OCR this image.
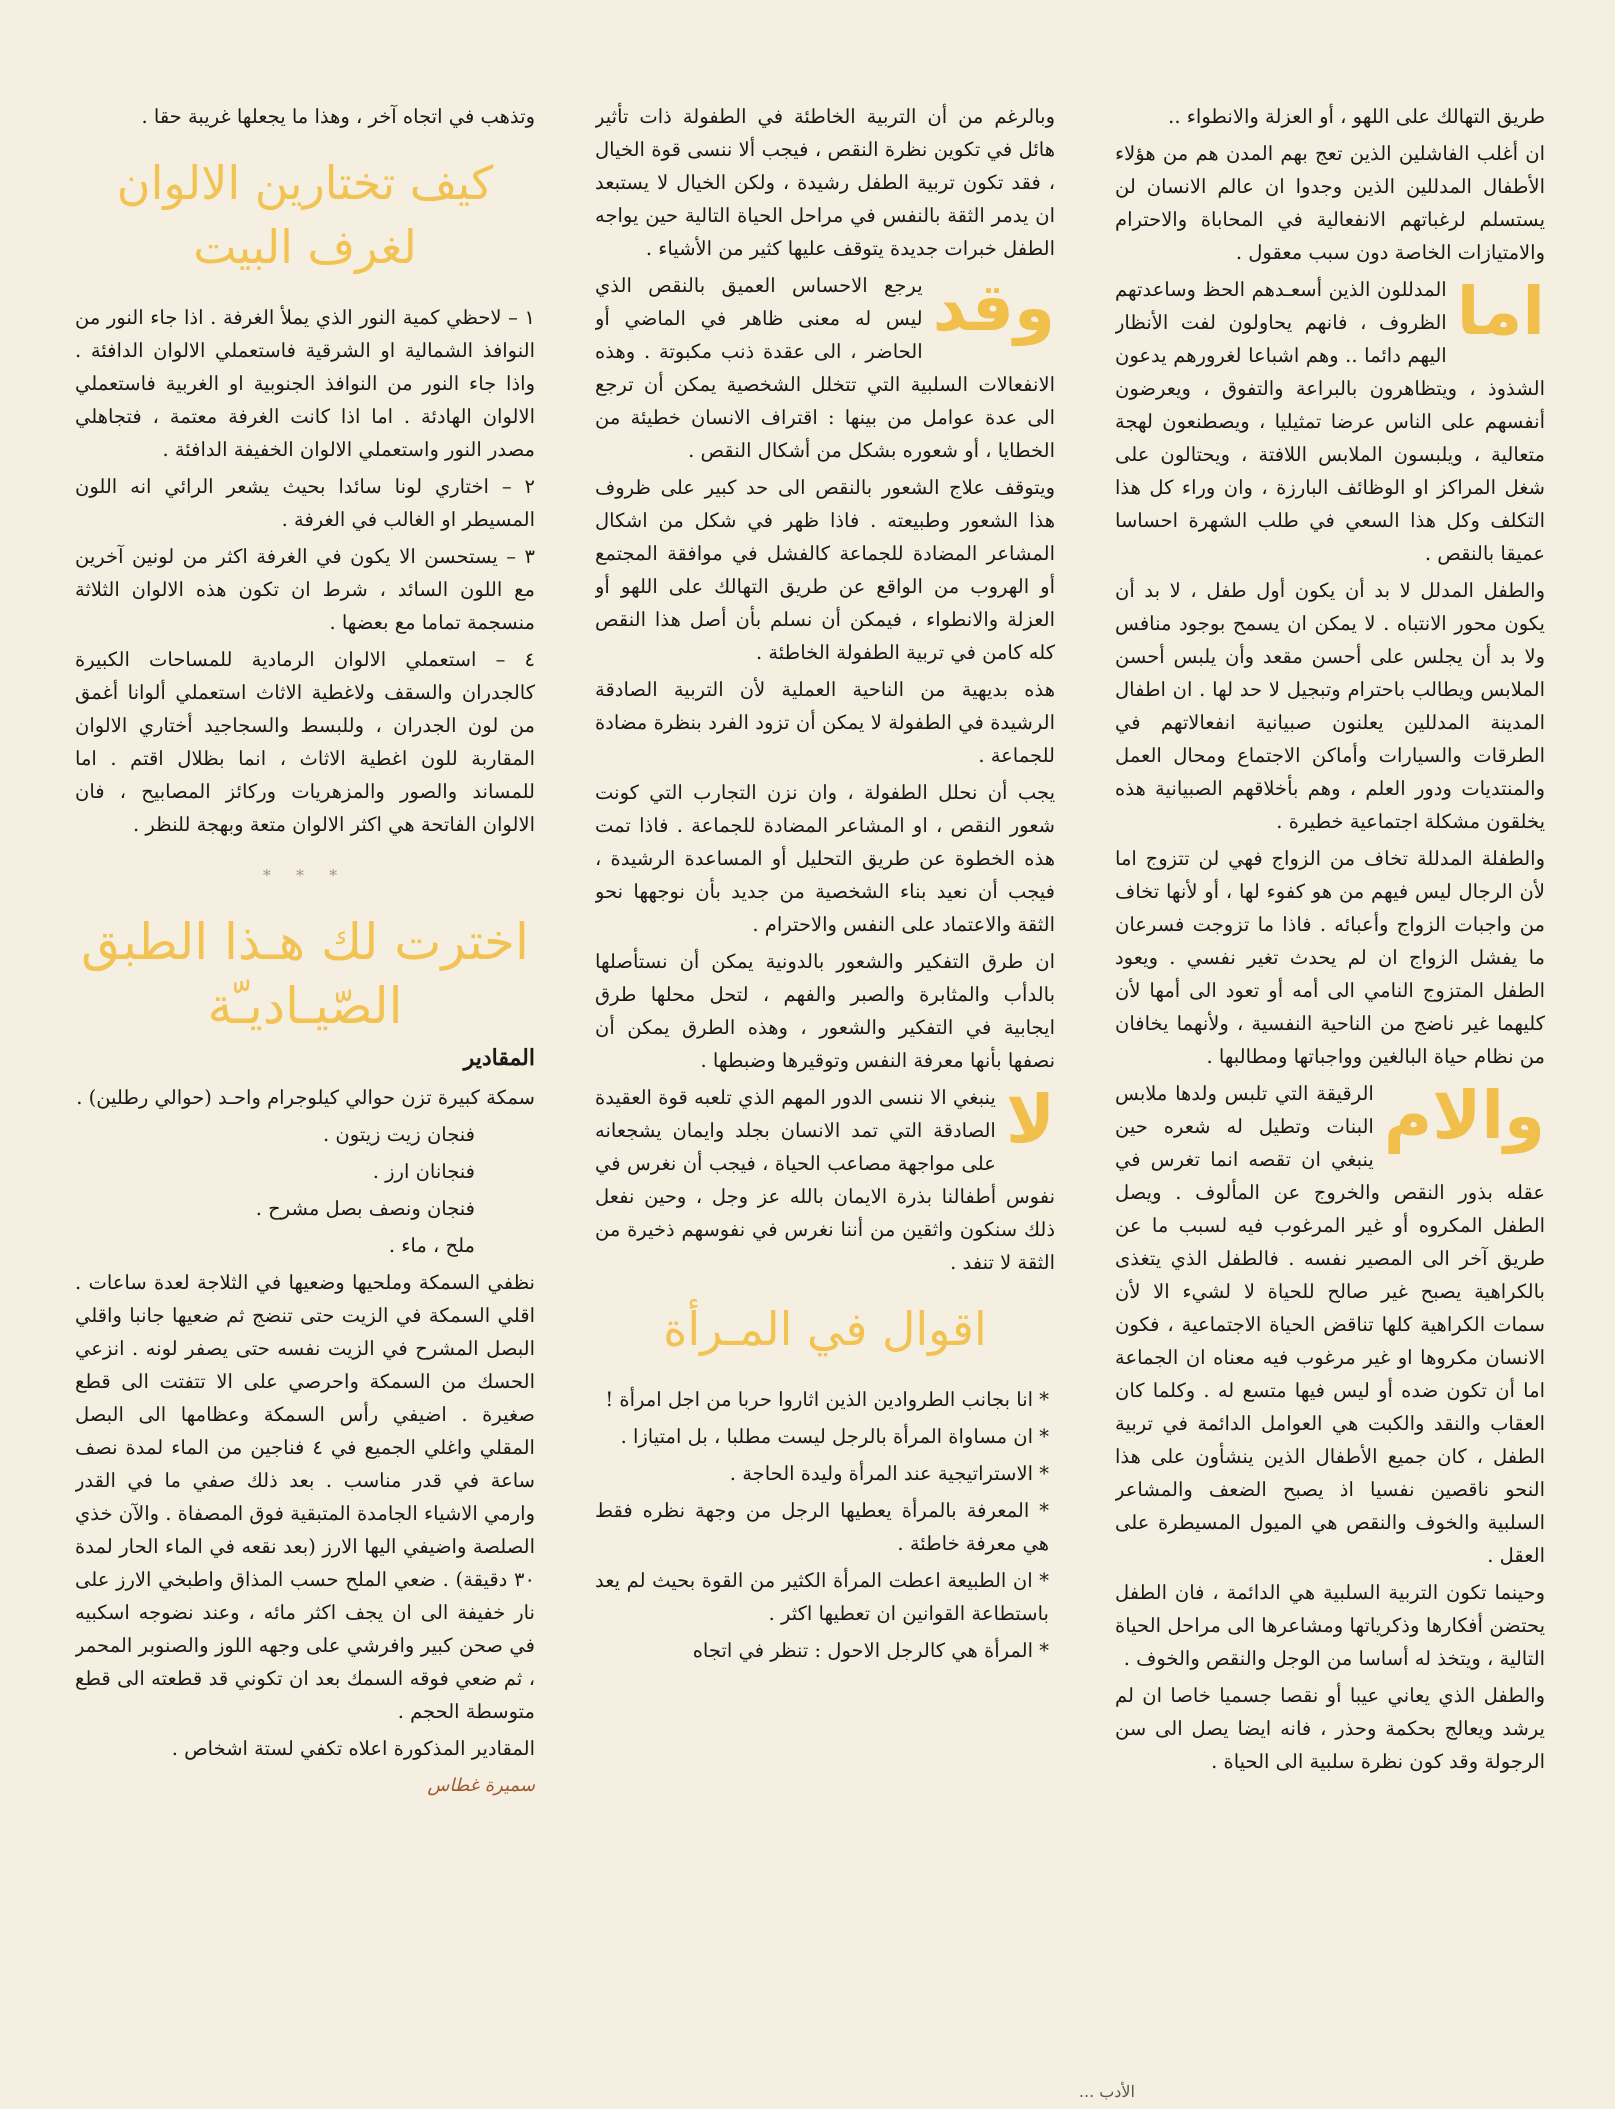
طريق التهالك على اللهو ، أو العزلة والانطواء ..

ان أغلب الفاشلين الذين تعج بهم المدن هم من هؤلاء الأطفال المدللين الذين وجدوا ان عالم الانسان لن يستسلم لرغباتهم الانفعالية في المحاباة والاحترام والامتيازات الخاصة دون سبب معقول .

اما
المدللون الذين أسعـدهم الحظ وساعدتهم الظروف ، فانهم يحاولون لفت الأنظار اليهم دائما .. وهم اشباعا لغرورهم يدعون الشذوذ ، ويتظاهرون بالبراعة والتفوق ، ويعرضون أنفسهم على الناس عرضا تمثيليا ، ويصطنعون لهجة متعالية ، ويلبسون الملابس اللافتة ، ويحتالون على شغل المراكز او الوظائف البارزة ، وان وراء كل هذا التكلف وكل هذا السعي في طلب الشهرة احساسا عميقا بالنقص .

والطفل المدلل لا بد أن يكون أول طفل ، لا بد أن يكون محور الانتباه . لا يمكن ان يسمح بوجود منافس ولا بد أن يجلس على أحسن مقعد وأن يلبس أحسن الملابس ويطالب باحترام وتبجيل لا حد لها . ان اطفال المدينة المدللين يعلنون صبيانية انفعالاتهم في الطرقات والسيارات وأماكن الاجتماع ومحال العمل والمنتديات ودور العلم ، وهم بأخلاقهم الصبيانية هذه يخلقون مشكلة اجتماعية خطيرة .

والطفلة المدللة تخاف من الزواج فهي لن تتزوج اما لأن الرجال ليس فيهم من هو كفوء لها ، أو لأنها تخاف من واجبات الزواج وأعبائه . فاذا ما تزوجت فسرعان ما يفشل الزواج ان لم يحدث تغير نفسي . ويعود الطفل المتزوج النامي الى أمه أو تعود الى أمها لأن كليهما غير ناضج من الناحية النفسية ، ولأنهما يخافان من نظام حياة البالغين وواجباتها ومطالبها .

والام
الرقيقة التي تلبس ولدها ملابس البنات وتطيل له شعره حين ينبغي ان تقصه انما تغرس في عقله بذور النقص والخروج عن المألوف . ويصل الطفل المكروه أو غير المرغوب فيه لسبب ما عن طريق آخر الى المصير نفسه . فالطفل الذي يتغذى بالكراهية يصبح غير صالح للحياة لا لشيء الا لأن سمات الكراهية كلها تناقض الحياة الاجتماعية ، فكون الانسان مكروها او غير مرغوب فيه معناه ان الجماعة اما أن تكون ضده أو ليس فيها متسع له . وكلما كان العقاب والنقد والكبت هي العوامل الدائمة في تربية الطفل ، كان جميع الأطفال الذين ينشأون على هذا النحو ناقصين نفسيا اذ يصبح الضعف والمشاعر السلبية والخوف والنقص هي الميول المسيطرة على العقل .

وحينما تكون التربية السلبية هي الدائمة ، فان الطفل يحتضن أفكارها وذكرياتها ومشاعرها الى مراحل الحياة التالية ، ويتخذ له أساسا من الوجل والنقص والخوف .

والطفل الذي يعاني عيبا أو نقصا جسميا خاصا ان لم يرشد ويعالج بحكمة وحذر ، فانه ايضا يصل الى سن الرجولة وقد كون نظرة سلبية الى الحياة .

وبالرغم من أن التربية الخاطئة في الطفولة ذات تأثير هائل في تكوين نظرة النقص ، فيجب ألا ننسى قوة الخيال ، فقد تكون تربية الطفل رشيدة ، ولكن الخيال لا يستبعد ان يدمر الثقة بالنفس في مراحل الحياة التالية حين يواجه الطفل خبرات جديدة يتوقف عليها كثير من الأشياء .

وقد
يرجع الاحساس العميق بالنقص الذي ليس له معنى ظاهر في الماضي أو الحاضر ، الى عقدة ذنب مكبوتة . وهذه الانفعالات السلبية التي تتخلل الشخصية يمكن أن ترجع الى عدة عوامل من بينها : اقتراف الانسان خطيئة من الخطايا ، أو شعوره بشكل من أشكال النقص .

ويتوقف علاج الشعور بالنقص الى حد كبير على ظروف هذا الشعور وطبيعته . فاذا ظهر في شكل من اشكال المشاعر المضادة للجماعة كالفشل في موافقة المجتمع أو الهروب من الواقع عن طريق التهالك على اللهو أو العزلة والانطواء ، فيمكن أن نسلم بأن أصل هذا النقص كله كامن في تربية الطفولة الخاطئة .

هذه بديهية من الناحية العملية لأن التربية الصادقة الرشيدة في الطفولة لا يمكن أن تزود الفرد بنظرة مضادة للجماعة .

يجب أن نحلل الطفولة ، وان نزن التجارب التي كونت شعور النقص ، او المشاعر المضادة للجماعة . فاذا تمت هذه الخطوة عن طريق التحليل أو المساعدة الرشيدة ، فيجب أن نعيد بناء الشخصية من جديد بأن نوجهها نحو الثقة والاعتماد على النفس والاحترام .

ان طرق التفكير والشعور بالدونية يمكن أن نستأصلها بالدأب والمثابرة والصبر والفهم ، لتحل محلها طرق ايجابية في التفكير والشعور ، وهذه الطرق يمكن أن نصفها بأنها معرفة النفس وتوقيرها وضبطها .

لا
ينبغي الا ننسى الدور المهم الذي تلعبه قوة العقيدة الصادقة التي تمد الانسان بجلد وايمان يشجعانه على مواجهة مصاعب الحياة ، فيجب أن نغرس في نفوس أطفالنا بذرة الايمان بالله عز وجل ، وحين نفعل ذلك سنكون واثقين من أننا نغرس في نفوسهم ذخيرة من الثقة لا تنفد .

اقوال في المـرأة

* انا بجانب الطروادين الذين اثاروا حربا من اجل امرأة !

* ان مساواة المرأة بالرجل ليست مطلبا ، بل امتيازا .

* الاستراتيجية عند المرأة وليدة الحاجة .

* المعرفة بالمرأة يعطيها الرجل من وجهة نظره فقط هي معرفة خاطئة .

* ان الطبيعة اعطت المرأة الكثير من القوة بحيث لم يعد باستطاعة القوانين ان تعطيها اكثر .

* المرأة هي كالرجل الاحول : تنظر في اتجاه

وتذهب في اتجاه آخر ، وهذا ما يجعلها غريبة حقا .

كيف تختارين الالوان لغرف البيت

١ – لاحظي كمية النور الذي يملأ الغرفة . اذا جاء النور من النوافذ الشمالية او الشرقية فاستعملي الالوان الدافئة . واذا جاء النور من النوافذ الجنوبية او الغربية فاستعملي الالوان الهادئة . اما اذا كانت الغرفة معتمة ، فتجاهلي مصدر النور واستعملي الالوان الخفيفة الدافئة .

٢ – اختاري لونا سائدا بحيث يشعر الرائي انه اللون المسيطر او الغالب في الغرفة .

٣ – يستحسن الا يكون في الغرفة اكثر من لونين آخرين مع اللون السائد ، شرط ان تكون هذه الالوان الثلاثة منسجمة تماما مع بعضها .

٤ – استعملي الالوان الرمادية للمساحات الكبيرة كالجدران والسقف ولاغطية الاثاث استعملي ألوانا أغمق من لون الجدران ، وللبسط والسجاجيد أختاري الالوان المقاربة للون اغطية الاثاث ، انما بظلال اقتم . اما للمساند والصور والمزهريات وركائز المصابيح ، فان الالوان الفاتحة هي اكثر الالوان متعة وبهجة للنظر .

* * *
اخترت لك هـذا الطبق
الصّيـاديـّة
المقادير

سمكة كبيرة تزن حوالي كيلوجرام واحـد (حوالي رطلين) .

فنجان زيت زيتون .

فنجانان ارز .

فنجان ونصف بصل مشرح .

ملح ، ماء .

نظفي السمكة وملحيها وضعيها في الثلاجة لعدة ساعات . اقلي السمكة في الزيت حتى تنضج ثم ضعيها جانبا واقلي البصل المشرح في الزيت نفسه حتى يصفر لونه . انزعي الحسك من السمكة واحرصي على الا تتفتت الى قطع صغيرة . اضيفي رأس السمكة وعظامها الى البصل المقلي واغلي الجميع في ٤ فناجين من الماء لمدة نصف ساعة في قدر مناسب . بعد ذلك صفي ما في القدر وارمي الاشياء الجامدة المتبقية فوق المصفاة . والآن خذي الصلصة واضيفي اليها الارز (بعد نقعه في الماء الحار لمدة ٣٠ دقيقة) . ضعي الملح حسب المذاق واطبخي الارز على نار خفيفة الى ان يجف اكثر مائه ، وعند نضوجه اسكبيه في صحن كبير وافرشي على وجهه اللوز والصنوبر المحمر ، ثم ضعي فوقه السمك بعد ان تكوني قد قطعته الى قطع متوسطة الحجم .

المقادير المذكورة اعلاه تكفي لستة اشخاص .

سميرة غطاس
الأدب ...
